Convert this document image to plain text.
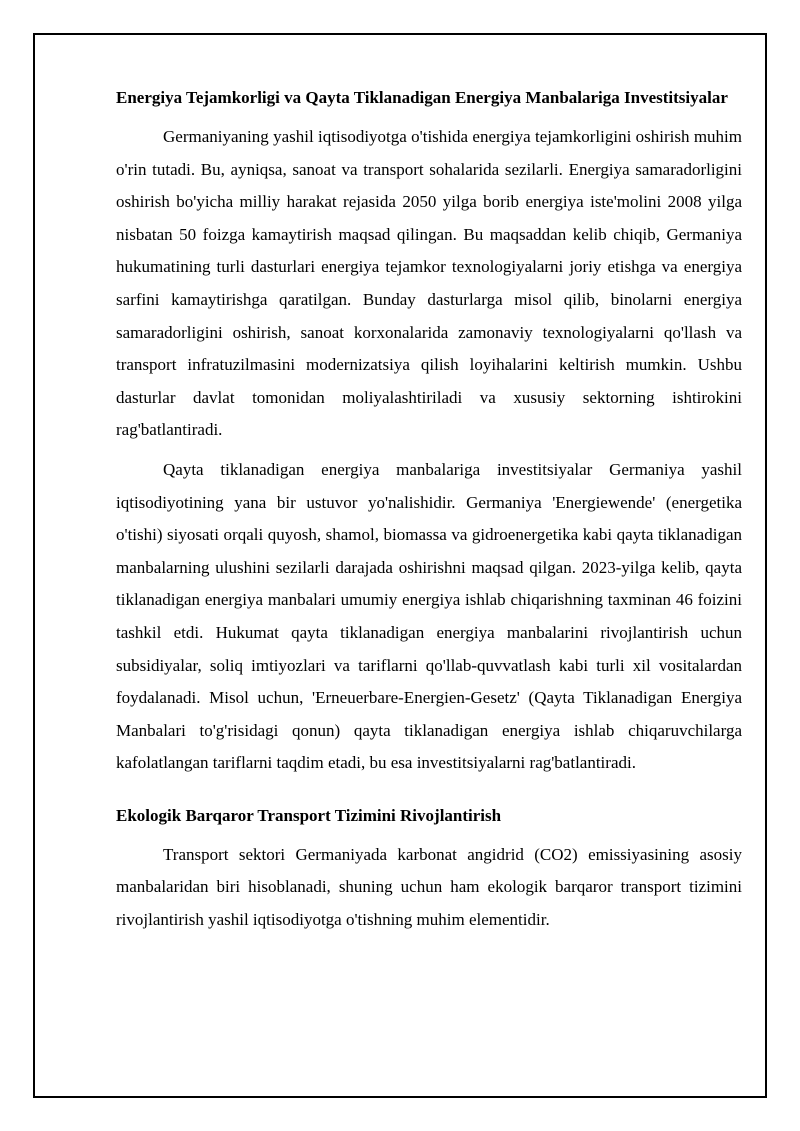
Energiya Tejamkorligi va Qayta Tiklanadigan Energiya Manbalariga Investitsiyalar

Germaniyaning yashil iqtisodiyotga o'tishida energiya tejamkorligini oshirish muhim o'rin tutadi. Bu, ayniqsa, sanoat va transport sohalarida sezilarli. Energiya samaradorligini oshirish bo'yicha milliy harakat rejasida 2050 yilga borib energiya iste'molini 2008 yilga nisbatan 50 foizga kamaytirish maqsad qilingan. Bu maqsaddan kelib chiqib, Germaniya hukumatining turli dasturlari energiya tejamkor texnologiyalarni joriy etishga va energiya sarfini kamaytirishga qaratilgan. Bunday dasturlarga misol qilib, binolarni energiya samaradorligini oshirish, sanoat korxonalarida zamonaviy texnologiyalarni qo'llash va transport infratuzilmasini modernizatsiya qilish loyihalarini keltirish mumkin. Ushbu dasturlar davlat tomonidan moliyalashtiriladi va xususiy sektorning ishtirokini rag'batlantiradi.

Qayta tiklanadigan energiya manbalariga investitsiyalar Germaniya yashil iqtisodiyotining yana bir ustuvor yo'nalishidir. Germaniya 'Energiewende' (energetika o'tishi) siyosati orqali quyosh, shamol, biomassa va gidroenergetika kabi qayta tiklanadigan manbalarning ulushini sezilarli darajada oshirishni maqsad qilgan. 2023-yilga kelib, qayta tiklanadigan energiya manbalari umumiy energiya ishlab chiqarishning taxminan 46 foizini tashkil etdi. Hukumat qayta tiklanadigan energiya manbalarini rivojlantirish uchun subsidiyalar, soliq imtiyozlari va tariflarni qo'llab-quvvatlash kabi turli xil vositalardan foydalanadi. Misol uchun, 'Erneuerbare-Energien-Gesetz' (Qayta Tiklanadigan Energiya Manbalari to'g'risidagi qonun) qayta tiklanadigan energiya ishlab chiqaruvchilarga kafolatlangan tariflarni taqdim etadi, bu esa investitsiyalarni rag'batlantiradi.

Ekologik Barqaror Transport Tizimini Rivojlantirish

Transport sektori Germaniyada karbonat angidrid (CO2) emissiyasining asosiy manbalaridan biri hisoblanadi, shuning uchun ham ekologik barqaror transport tizimini rivojlantirish yashil iqtisodiyotga o'tishning muhim elementidir.
